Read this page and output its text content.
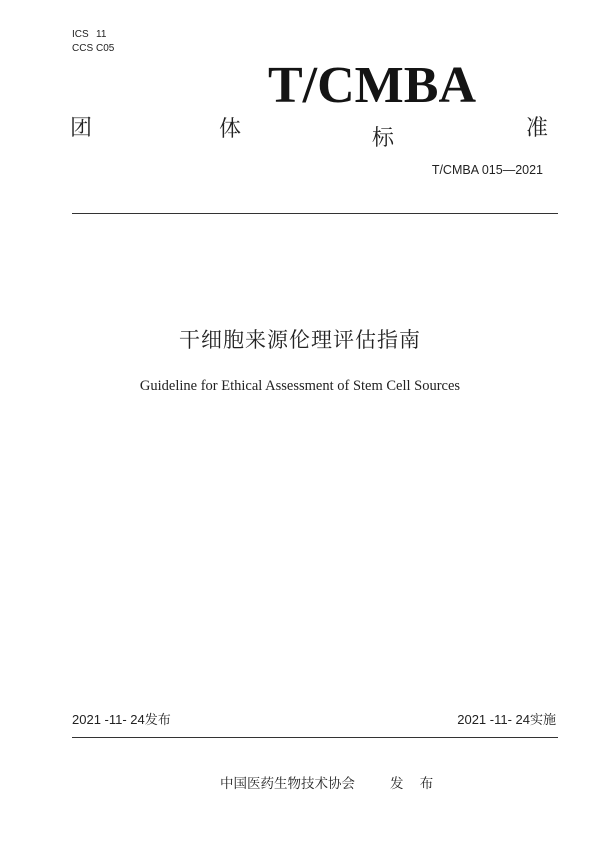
ICS 11
CCS C05
T/CMBA
团	体	标	准
T/CMBA 015—2021
干细胞来源伦理评估指南
Guideline for Ethical Assessment of Stem Cell Sources
2021 -11- 24发布	2021 -11- 24实施
中国医药生物技术协会	发 布
